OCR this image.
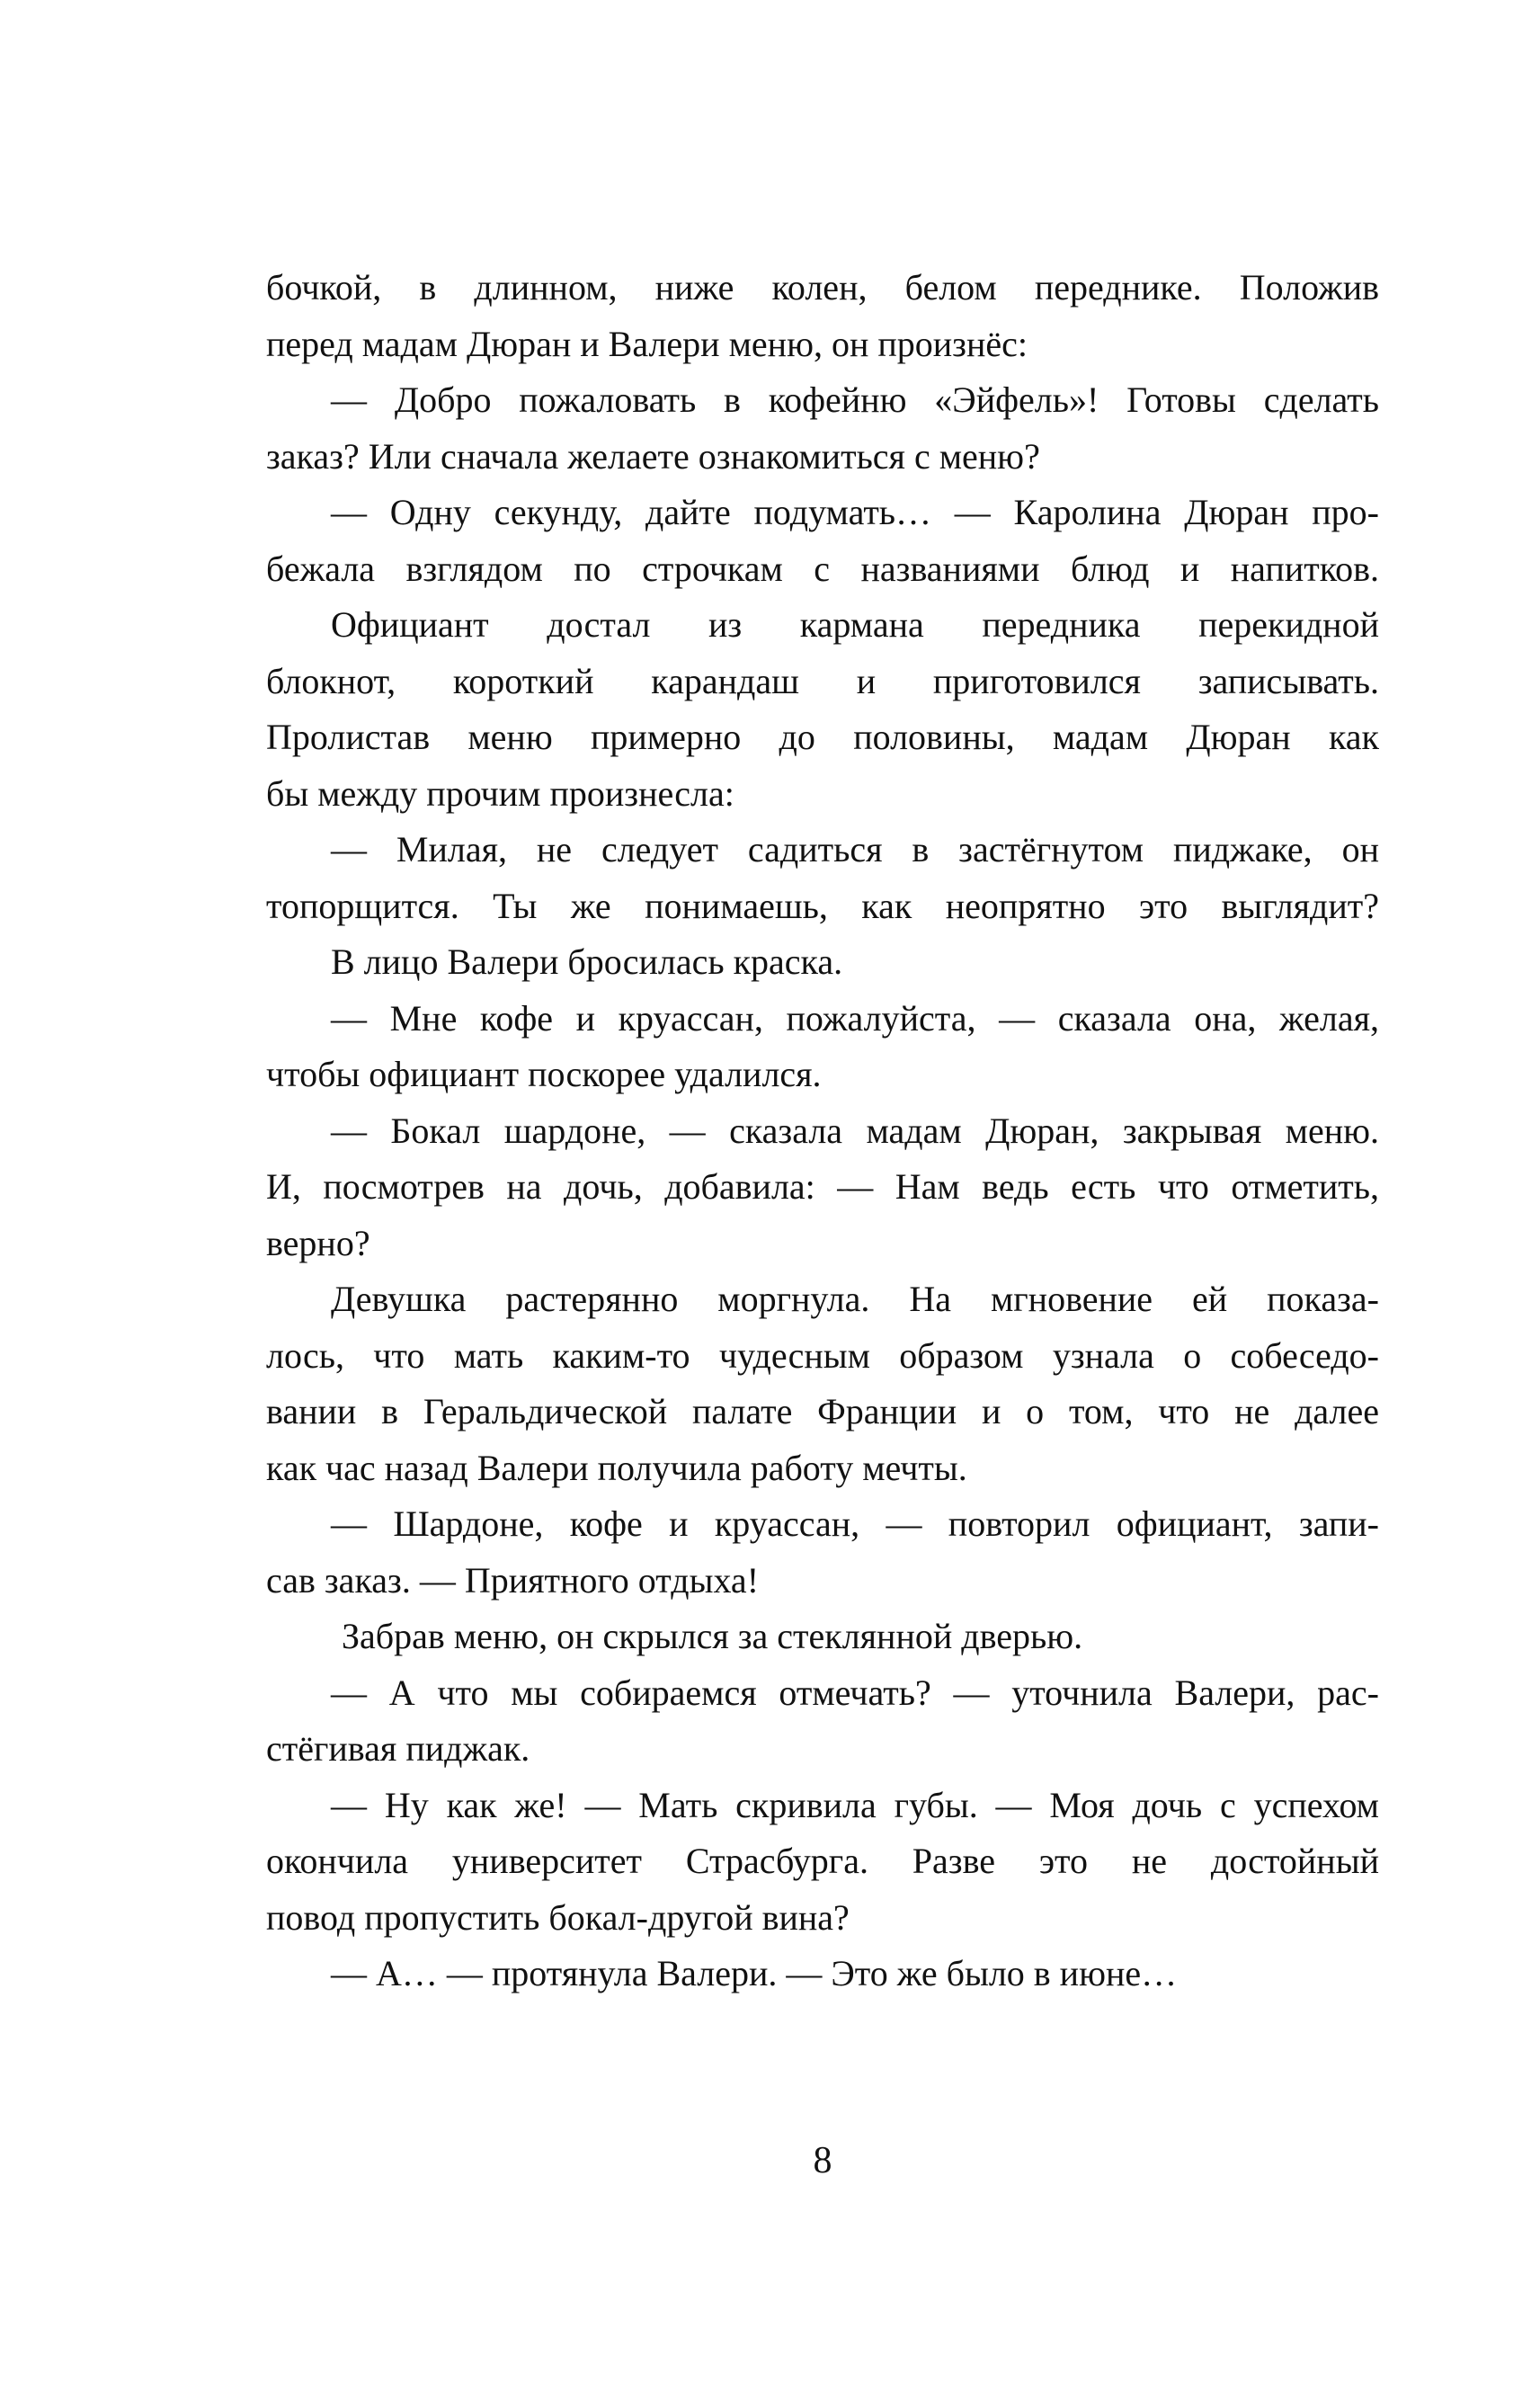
бочкой, в длинном, ниже колен, белом переднике. Положив
перед мадам Дюран и Валери меню, он произнёс:
— Добро пожаловать в кофейню «Эйфель»! Готовы сделать
заказ? Или сначала желаете ознакомиться с меню?
— Одну секунду, дайте подумать… — Каролина Дюран про-
бежала взглядом по строчкам с названиями блюд и напитков.
Официант достал из кармана передника перекидной
блокнот, короткий карандаш и приготовился записывать.
Пролистав меню примерно до половины, мадам Дюран как
бы между прочим произнесла:
— Милая, не следует садиться в застёгнутом пиджаке, он
топорщится. Ты же понимаешь, как неопрятно это выглядит?
В лицо Валери бросилась краска.
— Мне кофе и круассан, пожалуйста, — сказала она, желая,
чтобы официант поскорее удалился.
— Бокал шардоне, — сказала мадам Дюран, закрывая меню.
И, посмотрев на дочь, добавила: — Нам ведь есть что отметить,
верно?
Девушка растерянно моргнула. На мгновение ей показа-
лось, что мать каким-то чудесным образом узнала о собеседо-
вании в Геральдической палате Франции и о том, что не далее
как час назад Валери получила работу мечты.
— Шардоне, кофе и круассан, — повторил официант, запи-
сав заказ. — Приятного отдыха!
Забрав меню, он скрылся за стеклянной дверью.
— А что мы собираемся отмечать? — уточнила Валери, рас-
стёгивая пиджак.
— Ну как же! — Мать скривила губы. — Моя дочь с успехом
окончила университет Страсбурга. Разве это не достойный
повод пропустить бокал-другой вина?
— А… — протянула Валери. — Это же было в июне…
8
